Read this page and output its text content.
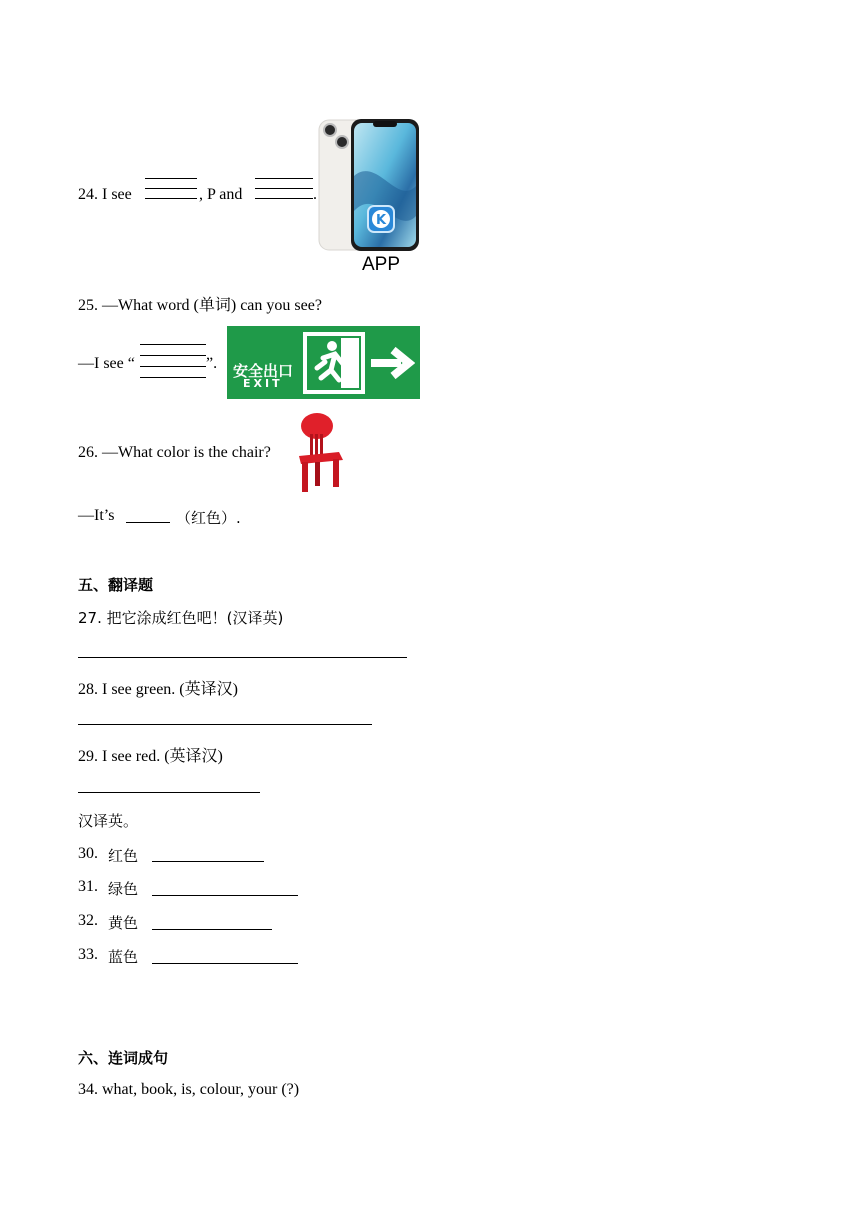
24. I see	, P and	.
K
APP
25. —What word (单词) can you see?
—I see “	”. 安全出口
EXIT
26. —What color is the chair?
—It’s	（红色）.
五、翻译题
27. 把它涂成红色吧！(汉译英)
28. I see green. (英译汉)
29. I see red. (英译汉)
汉译英。
30. 红色
31. 绿色
32. 黄色
33. 蓝色
六、连词成句
34. what, book, is, colour, your (?)
